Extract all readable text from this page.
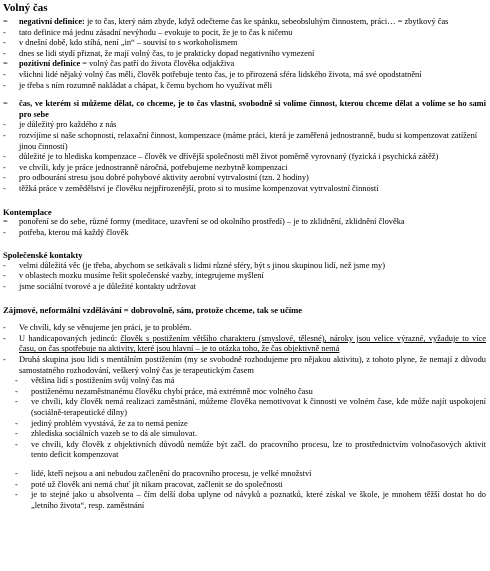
Volný čas
=	negativní definice: je to čas, který nám zbyde, když odečteme čas ke spánku, sebeobsluhým činnostem, práci… = zbytkový čas
-	tato definice má jednu zásadní nevýhodu – evokuje to pocit, že je to čas k ničemu
-	v dnešní době, kdo stíhá, není „in“ – souvisí to s workoholismem
-	dnes se lidi stydí přiznat, že mají volný čas, to je prakticky dopad negativního vymezení
=	pozitivní definice = volný čas patří do života člověka odjakživa
-	všichni lidé nějaký volný čas měli, člověk potřebuje tento čas, je to přirozená sféra lidského života, má své opodstatnění
-	je třeba s ním rozumně nakládat a chápat, k čemu bychom ho využívat měli
=	čas, ve kterém si můžeme dělat, co chceme, je to čas vlastní, svobodně si volíme činnost, kterou chceme dělat a volíme se ho sami pro sebe
-	je důležitý pro každého z nás
-	rozvíjíme si naše schopnosti, relaxační činnost, kompenzace (máme práci, která je zaměřená jednostranně, budu si kompenzovat zatížení jinou činností)
-	důležité je to hlediska kompenzace – člověk ve dřívější společnosti měl život poměrně vyrovnaný (fyzická i psychická zátěž)
-	ve chvíli, kdy je práce jednostranně náročná, potřebujeme nezbytně kompenzaci
-	pro odbourání stresu jsou dobré pohybové aktivity aerobní vytrvalostní (tzn. 2 hodiny)
-	těžká práce v zemědělství je člověku nejpřirozenější, proto si to musíme kompenzovat vytrvalostní činností
Kontemplace
=	ponoření se do sebe, různé formy (meditace, uzavření se od okolního prostředí) – je to zklidnění, zklidnění člověka
-	potřeba, kterou má každý člověk
Společenské kontakty
-	velmi důležitá věc (je třeba, abychom se setkávali s lidmi různé sféry, být s jinou skupinou lidí, než jsme my)
-	v oblastech mozku musíme řešit společenské vazby, integrujeme myšlení
-	jsme sociální tvorové a je důležité kontakty udržovat
Zájmové, neformální vzdělávání = dobrovolně, sám, protože chceme, tak se učíme
-	Ve chvíli, kdy se věnujeme jen práci, je to problém.
-	U handicapovaných jedinců: člověk s postižením většího charakteru (smyslové, tělesné), nároky jsou velice výrazné, vyžaduje to více času, on čas spotřebuje na aktivity, které jsou hlavní – je to otázka toho, že čas objektivně nemá
-	Druhá skupina jsou lidi s mentálním postižením (my se svobodně rozhodujeme pro nějakou aktivitu), z tohoto plyne, že nemají z důvodu samostatného rozhodování, veškerý volný čas je terapeutickým časem
-	většina lidí s postižením svůj volný čas má
-	postiženému nezaměstnanému člověku chybí práce, má extrémně moc volného času
-	ve chvíli, kdy člověk nemá realizaci zaměstnání, můžeme člověka nemotivovat k činnosti ve volném čase, kde může najít uspokojení (sociálně-terapeutické dílny)
-	jediný problém vyvstává, že za to nemá peníze
-	zhledíska sociálních vazeb se to dá ale simulovat.
-	ve chvíli, kdy člověk z objektivních důvodů nemůže být začl. do pracovního procesu, lze to prostřednictvím volnočasových aktivit tento deficit kompenzovat
-	lidé, kteří nejsou a ani nebudou začlenění do pracovního procesu, je velké množství
-	poté už člověk ani nemá chuť jít nikam pracovat, začlenit se do společnosti
-	je to stejné jako u absolventa – čím delší doba uplyne od návyků a poznatků, které získal ve škole, je mnohem těžší dostat ho do „letního života“, resp. zaměstnání
